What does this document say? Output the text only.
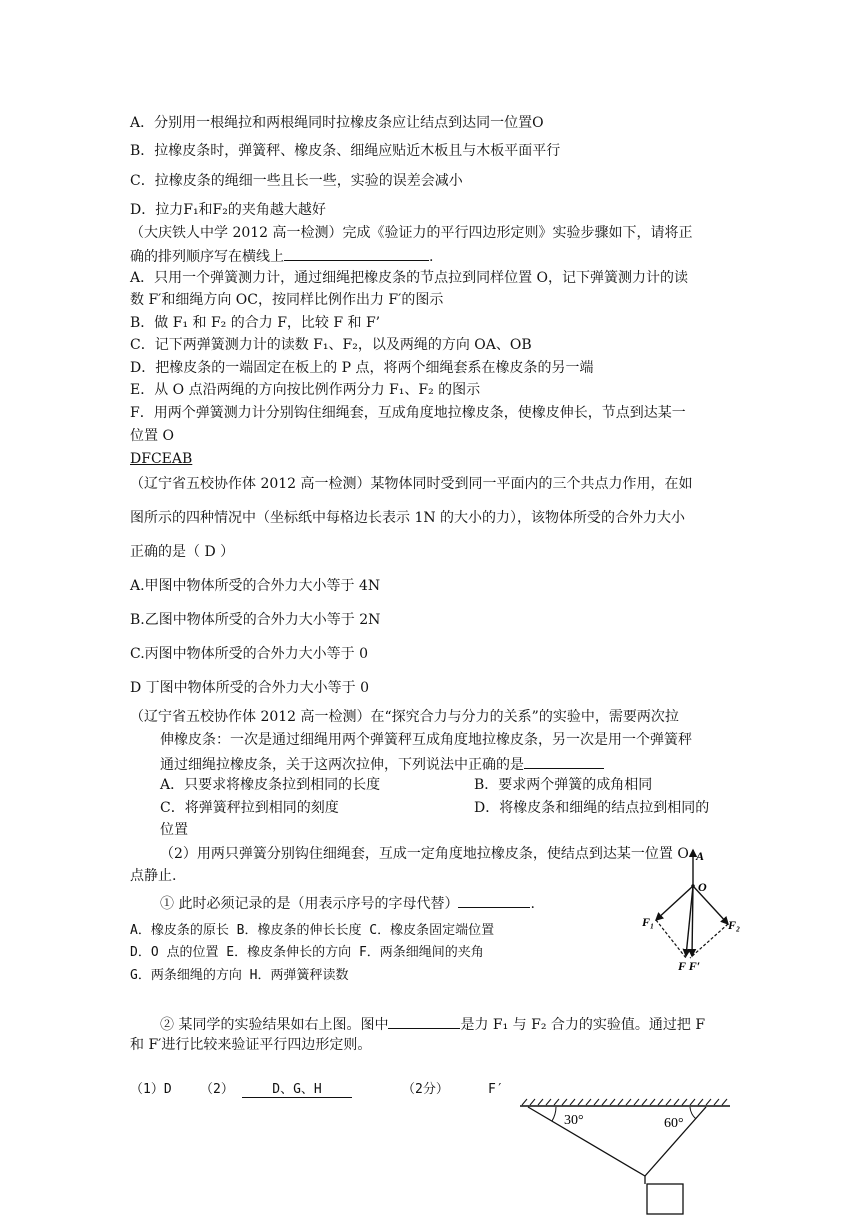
A．分别用一根绳拉和两根绳同时拉橡皮条应让结点到达同一位置O
B．拉橡皮条时，弹簧秤、橡皮条、细绳应贴近木板且与木板平面平行
C．拉橡皮条的绳细一些且长一些，实验的误差会减小
D．拉力F₁和F₂的夹角越大越好
（大庆铁人中学 2012 高一检测）完成《验证力的平行四边形定则》实验步骤如下，请将正
确的排列顺序写在横线上	.
A．只用一个弹簧测力计，通过细绳把橡皮条的节点拉到同样位置 O，记下弹簧测力计的读
数 F′和细绳方向 OC，按同样比例作出力 F′的图示
B．做 F₁ 和 F₂ 的合力 F，比较 F 和 F’
C．记下两弹簧测力计的读数 F₁、F₂，以及两绳的方向 OA、OB
D．把橡皮条的一端固定在板上的 P 点，将两个细绳套系在橡皮条的另一端
E．从 O 点沿两绳的方向按比例作两分力 F₁、F₂ 的图示
F．用两个弹簧测力计分别钩住细绳套，互成角度地拉橡皮条，使橡皮伸长，节点到达某一
位置 O
DFCEAB
（辽宁省五校协作体 2012 高一检测）某物体同时受到同一平面内的三个共点力作用，在如
图所示的四种情况中（坐标纸中每格边长表示 1N 的大小的力），该物体所受的合外力大小
正确的是（ D ）
A.甲图中物体所受的合外力大小等于 4N
B.乙图中物体所受的合外力大小等于 2N
C.丙图中物体所受的合外力大小等于 0
D 丁图中物体所受的合外力大小等于 0
（辽宁省五校协作体 2012 高一检测）在“探究合力与分力的关系”的实验中，需要两次拉
伸橡皮条：一次是通过细绳用两个弹簧秤互成角度地拉橡皮条，另一次是用一个弹簧秤
通过细绳拉橡皮条，关于这两次拉伸，下列说法中正确的是
A．只要求将橡皮条拉到相同的长度	B．要求两个弹簧的成角相同
C．将弹簧秤拉到相同的刻度	D．将橡皮条和细绳的结点拉到相同的
位置
（2）用两只弹簧分别钩住细绳套，互成一定角度地拉橡皮条，使结点到达某一位置 O
点静止.
① 此时必须记录的是（用表示序号的字母代替）	.
A．橡皮条的原长 B．橡皮条的伸长长度 C．橡皮条固定端位置
D．O 点的位置 E．橡皮条伸长的方向 F．两条细绳间的夹角
G．两条细绳的方向 H．两弹簧秤读数
② 某同学的实验结果如右上图。图中	是力 F₁ 与 F₂ 合力的实验值。通过把 F
和 F′进行比较来验证平行四边形定则。
（1）D （2）	D、G、H	（2分）	F′
A
O
F₁	F₂
F F′
30°	60°
